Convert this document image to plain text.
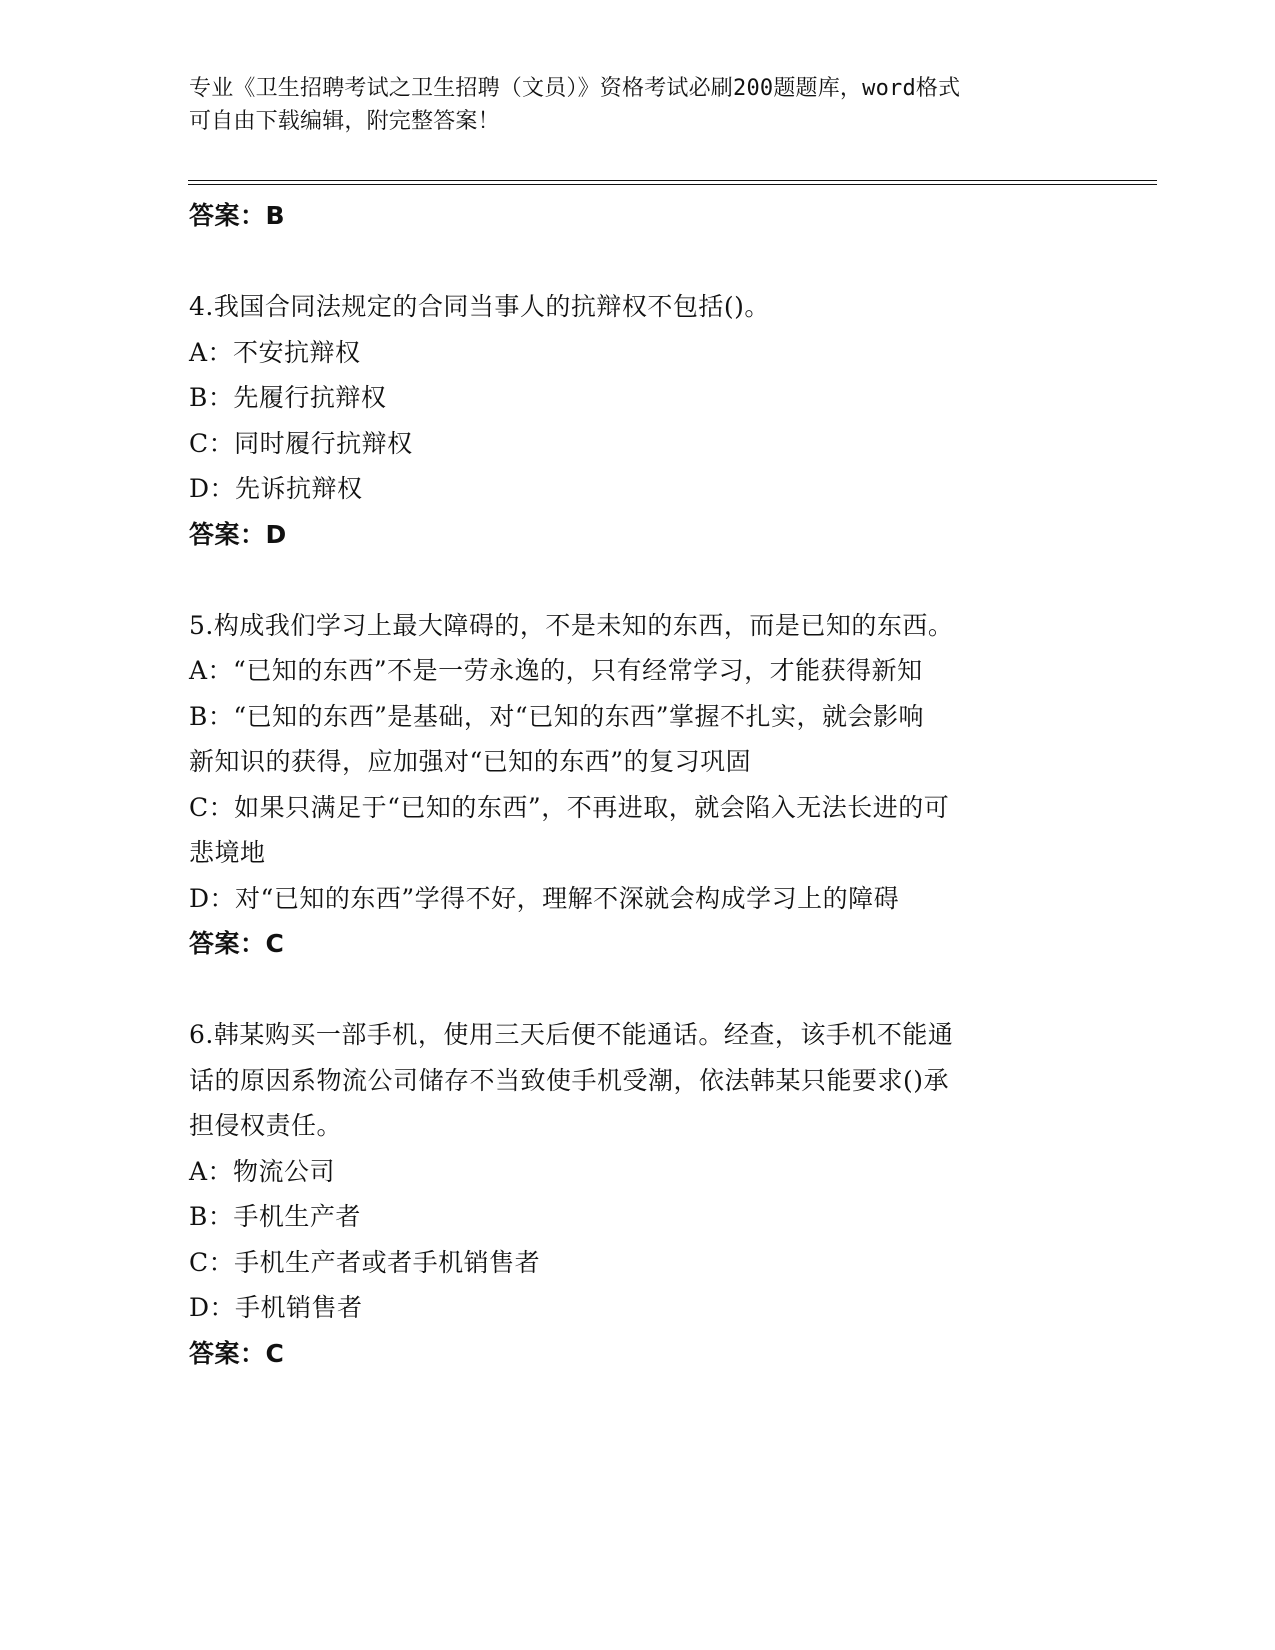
专业《卫生招聘考试之卫生招聘（文员）》资格考试必刷200题题库，word格式
可自由下载编辑，附完整答案！
答案：B
4.我国合同法规定的合同当事人的抗辩权不包括()。
A：不安抗辩权
B：先履行抗辩权
C：同时履行抗辩权
D：先诉抗辩权
答案：D
5.构成我们学习上最大障碍的，不是未知的东西，而是已知的东西。
A：“已知的东西”不是一劳永逸的，只有经常学习，才能获得新知
B：“已知的东西”是基础，对“已知的东西”掌握不扎实，就会影响
新知识的获得，应加强对“已知的东西”的复习巩固
C：如果只满足于“已知的东西”，不再进取，就会陷入无法长进的可
悲境地
D：对“已知的东西”学得不好，理解不深就会构成学习上的障碍
答案：C
6.韩某购买一部手机，使用三天后便不能通话。经查，该手机不能通
话的原因系物流公司储存不当致使手机受潮，依法韩某只能要求()承
担侵权责任。
A：物流公司
B：手机生产者
C：手机生产者或者手机销售者
D：手机销售者
答案：C
